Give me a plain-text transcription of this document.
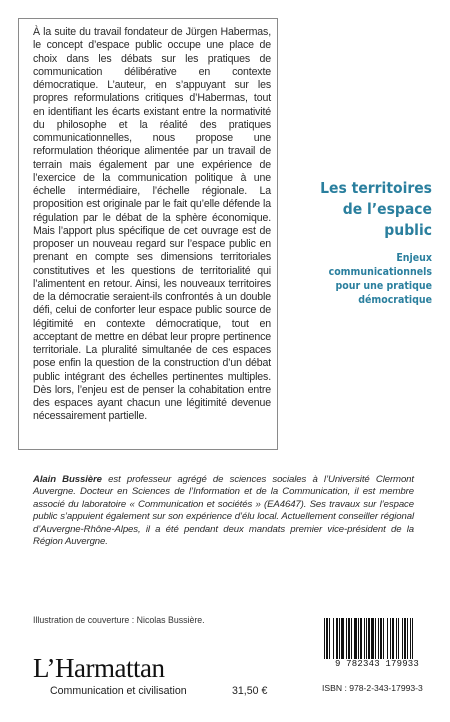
À la suite du travail fondateur de Jürgen Habermas, le concept d’espace public occupe une place de choix dans les débats sur les pratiques de communication délibérative en contexte démocratique. L’auteur, en s’appuyant sur les propres reformulations critiques d’Habermas, tout en identifiant les écarts existant entre la normativité du philosophe et la réalité des pratiques communicationnelles, nous propose une reformulation théorique alimentée par un travail de terrain mais également par une expérience de l’exercice de la communication politique à une échelle intermédiaire, l’échelle régionale. La proposition est originale par le fait qu’elle défende la régulation par le débat de la sphère économique. Mais l’apport plus spécifique de cet ouvrage est de proposer un nouveau regard sur l’espace public en prenant en compte ses dimensions territoriales constitutives et les questions de territorialité qui l’alimentent en retour. Ainsi, les nouveaux territoires de la démocratie seraient-ils confrontés à un double défi, celui de conforter leur espace public source de légitimité en contexte démocratique, tout en acceptant de mettre en débat leur propre pertinence territoriale. La pluralité simultanée de ces espaces pose enfin la question de la construction d’un débat public intégrant des échelles pertinentes multiples. Dès lors, l’enjeu est de penser la cohabitation entre des espaces ayant chacun une légitimité devenue nécessairement partielle.

Les territoires
de l’espace public
Enjeux communicationnels
pour une pratique
démocratique

Alain Bussière est professeur agrégé de sciences sociales à l’Université Clermont Auvergne. Docteur en Sciences de l’Information et de la Communication, il est membre associé du laboratoire « Communication et sociétés » (EA4647). Ses travaux sur l’espace public s’appuient également sur son expérience d’élu local. Actuellement conseiller régional d’Auvergne-Rhône-Alpes, il a été pendant deux mandats premier vice-président de la Région Auvergne.

Illustration de couverture : Nicolas Bussière.
L’Harmattan
Communication et civilisation	31,50 €
9 782343 179933
ISBN : 978-2-343-17993-3
